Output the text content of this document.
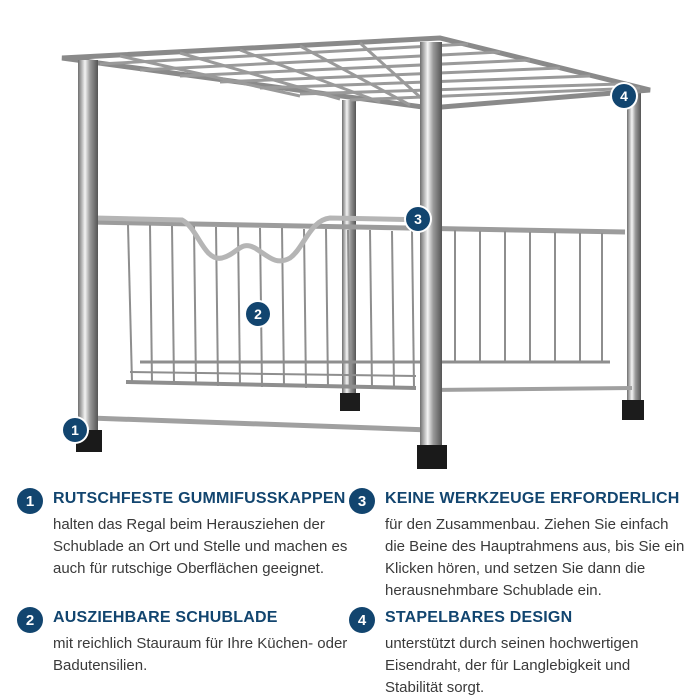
1
2
3
4
1	RUTSCHFESTE GUMMIFUSSKAPPEN
halten das Regal beim Herausziehen der Schublade an Ort und Stelle und machen es auch für rutschige Oberflächen geeignet.
2	AUSZIEHBARE SCHUBLADE
mit reichlich Stauraum für Ihre Küchen- oder Badutensilien.
3	KEINE WERKZEUGE ERFORDERLICH
für den Zusammenbau. Ziehen Sie einfach die Beine des Hauptrahmens aus, bis Sie ein Klicken hören, und setzen Sie dann die herausnehmbare Schublade ein.
4	STAPELBARES DESIGN
unterstützt durch seinen hochwertigen Eisendraht, der für Langlebigkeit und Stabilität sorgt.
